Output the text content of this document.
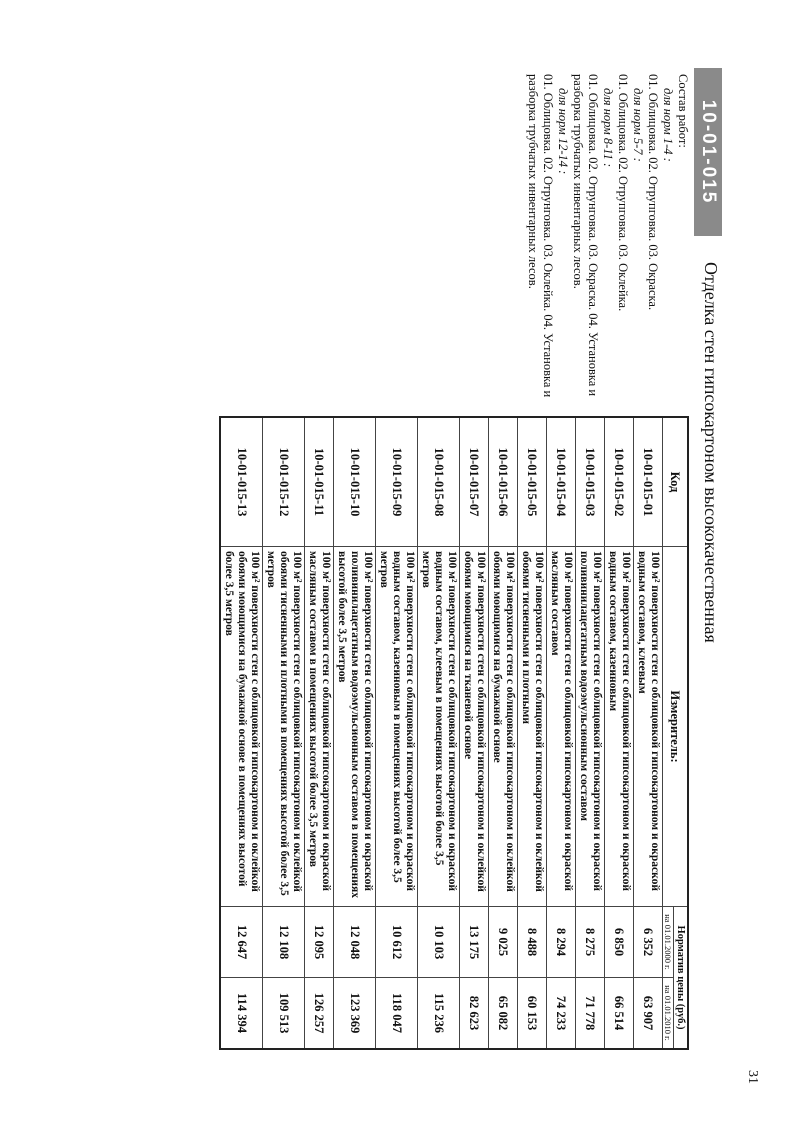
10-01-015
Отделка стен гипсокартоном высококачественная
Состав работ:
для норм 1-4 :
01. Облицовка. 02. Отрупговка. 03. Окраска.
для норм 5-7 :
01. Облицовка. 02. Отрупговка. 03. Оклейка.
для норм 8-11 :
01. Облицовка. 02. Отрунговка. 03. Окраска. 04. Установка и разборка трубчатых инвентарных лесов.
для норм 12-14 :
01. Облицовка. 02. Отрунговка. 03. Оклейка. 04. Установка и разборка трубчатых инвентарных лесов.
Код	Измеритель:	Норматив цены (руб.)	
		на 01.01.2000 г.	на 01.01.2010 г.
10-01-015-01	100 м² поверхности стен с облицовкой гипсокартоном и окраской водным составом, клеевым	6 352	63 907
10-01-015-02	100 м² поверхности стен с облицовкой гипсокартоном и окраской водным составом, казеиновым	6 850	66 514
10-01-015-03	100 м² поверхности стен с облицовкой гипсокартоном и окраской поливинилацетатным водоэмульсионным составом	8 275	71 778
10-01-015-04	100 м² поверхности стен с облицовкой гипсокартоном и окраской масляным составом	8 294	74 233
10-01-015-05	100 м² поверхности стен с облицовкой гипсокартоном и оклейкой обоями тисненными и плотными	8 488	60 153
10-01-015-06	100 м² поверхности стен с облицовкой гипсокартоном и оклейкой обоями моющимися на бумажной основе	9 025	65 082
10-01-015-07	100 м² поверхности стен с облицовкой гипсокартоном и оклейкой обоями моющимися на тканевой основе	13 175	82 623
10-01-015-08	100 м² поверхности стен с облицовкой гипсокартоном и окраской водным составом, клеевым в помещениях высотой более 3,5 метров	10 103	115 236
10-01-015-09	100 м² поверхности стен с облицовкой гипсокартоном и окраской водным составом, казеиновым в помещениях высотой более 3,5 метров	10 612	118 047
10-01-015-10	100 м² поверхности стен с облицовкой гипсокартоном и окраской поливинилацетатным водоэмульсионным составом в помещениях высотой более 3,5 метров	12 048	123 369
10-01-015-11	100 м² поверхности стен с облицовкой гипсокартоном и окраской масляным составом в помещениях высотой более 3,5 метров	12 095	126 257
10-01-015-12	100 м² поверхности стен с облицовкой гипсокартоном и оклейкой обоями тисненными и плотными в помещениях высотой более 3,5 метров	12 108	109 513
10-01-015-13	100 м² поверхности стен с облицовкой гипсокартоном и оклейкой обоями моющимися на бумажной основе в помещениях высотой более 3,5 метров	12 647	114 394
31
